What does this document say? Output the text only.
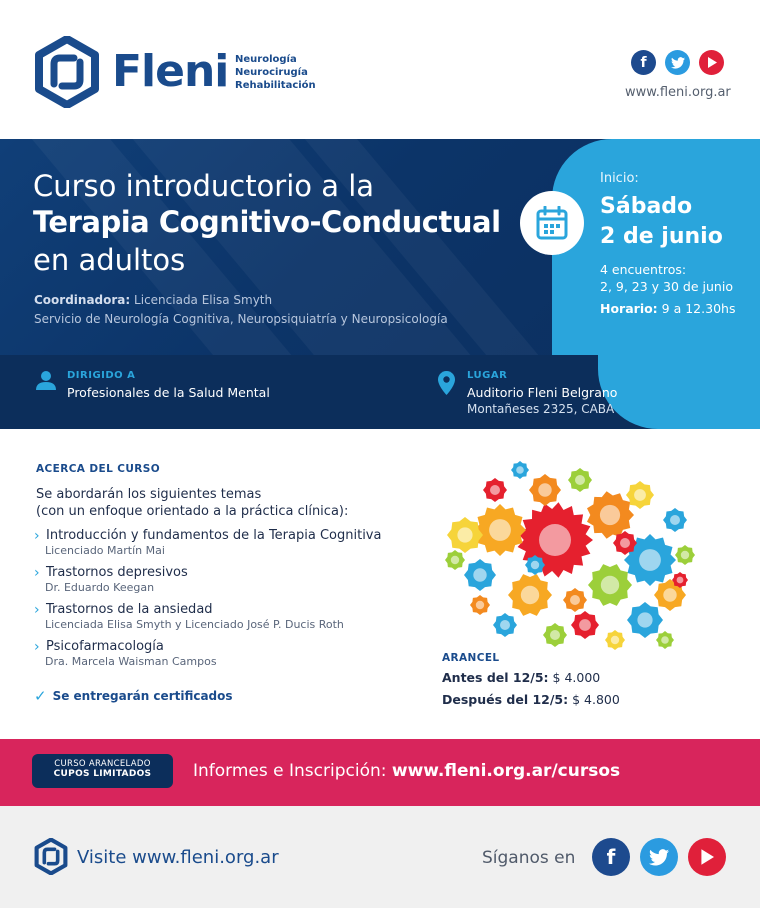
Fleni Neurología
Neurocirugía
Rehabilitación
f
www.fleni.org.ar
Curso introductorio a la
Terapia Cognitivo-Conductual
en adultos
Coordinadora: Licenciada Elisa Smyth
Servicio de Neurología Cognitiva, Neuropsiquiatría y Neuropsicología
Inicio:
Sábado
2 de junio
4 encuentros:
2, 9, 23 y 30 de junio
Horario: 9 a 12.30hs
DIRIGIDO A
Profesionales de la Salud Mental
LUGAR
Auditorio Fleni Belgrano
Montañeses 2325, CABA
ACERCA DEL CURSO
Se abordarán los siguientes temas
(con un enfoque orientado a la práctica clínica):
› Introducción y fundamentos de la Terapia Cognitiva
Licenciado Martín Mai
› Trastornos depresivos
Dr. Eduardo Keegan
› Trastornos de la ansiedad
Licenciada Elisa Smyth y Licenciado José P. Ducis Roth
› Psicofarmacología
Dra. Marcela Waisman Campos
✓ Se entregarán certificados
ARANCEL
Antes del 12/5: $ 4.000
Después del 12/5: $ 4.800
CURSO ARANCELADO
CUPOS LIMITADOS	Informes e Inscripción: www.fleni.org.ar/cursos
Visite www.fleni.org.ar	Síganos en	f
